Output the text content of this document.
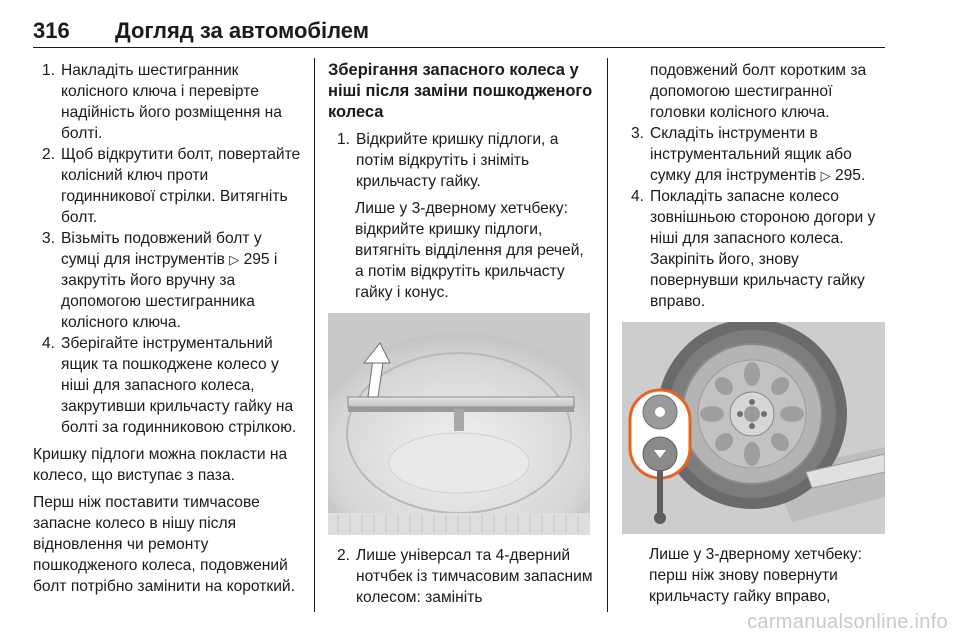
316 Догляд за автомобілем
1. Накладіть шестигранник колісного ключа і перевірте надійність його розміщення на болті.
2. Щоб відкрутити болт, повертайте колісний ключ проти годинникової стрілки. Витягніть болт.
3. Візьміть подовжений болт у сумці для інструментів ▷ 295 і закрутіть його вручну за допомогою шестигранника колісного ключа.
4. Зберігайте інструментальний ящик та пошкоджене колесо у ніші для запасного колеса, закрутивши крильчасту гайку на болті за годинниковою стрілкою.

Кришку підлоги можна покласти на колесо, що виступає з паза.

Перш ніж поставити тимчасове запасне колесо в нішу після відновлення чи ремонту пошкодженого колеса, подовжений болт потрібно замінити на короткий.

Зберігання запасного колеса у ніші після заміни пошкодженого колеса
1. Відкрийте кришку підлоги, а потім відкрутіть і зніміть крильчасту гайку.

Лише у 3-дверному хетчбеку: відкрийте кришку підлоги, витягніть відділення для речей, а потім відкрутіть крильчасту гайку і конус.

2. Лише універсал та 4-дверний нотчбек із тимчасовим запасним колесом: замініть

подовжений болт коротким за допомогою шестигранної головки колісного ключа.

3. Складіть інструменти в інструментальний ящик або сумку для інструментів ▷ 295.
4. Покладіть запасне колесо зовнішньою стороною догори у ніші для запасного колеса. Закріпіть його, знову повернувши крильчасту гайку вправо.

Лише у 3-дверному хетчбеку: перш ніж знову повернути крильчасту гайку вправо,

carmanualsonline.info
